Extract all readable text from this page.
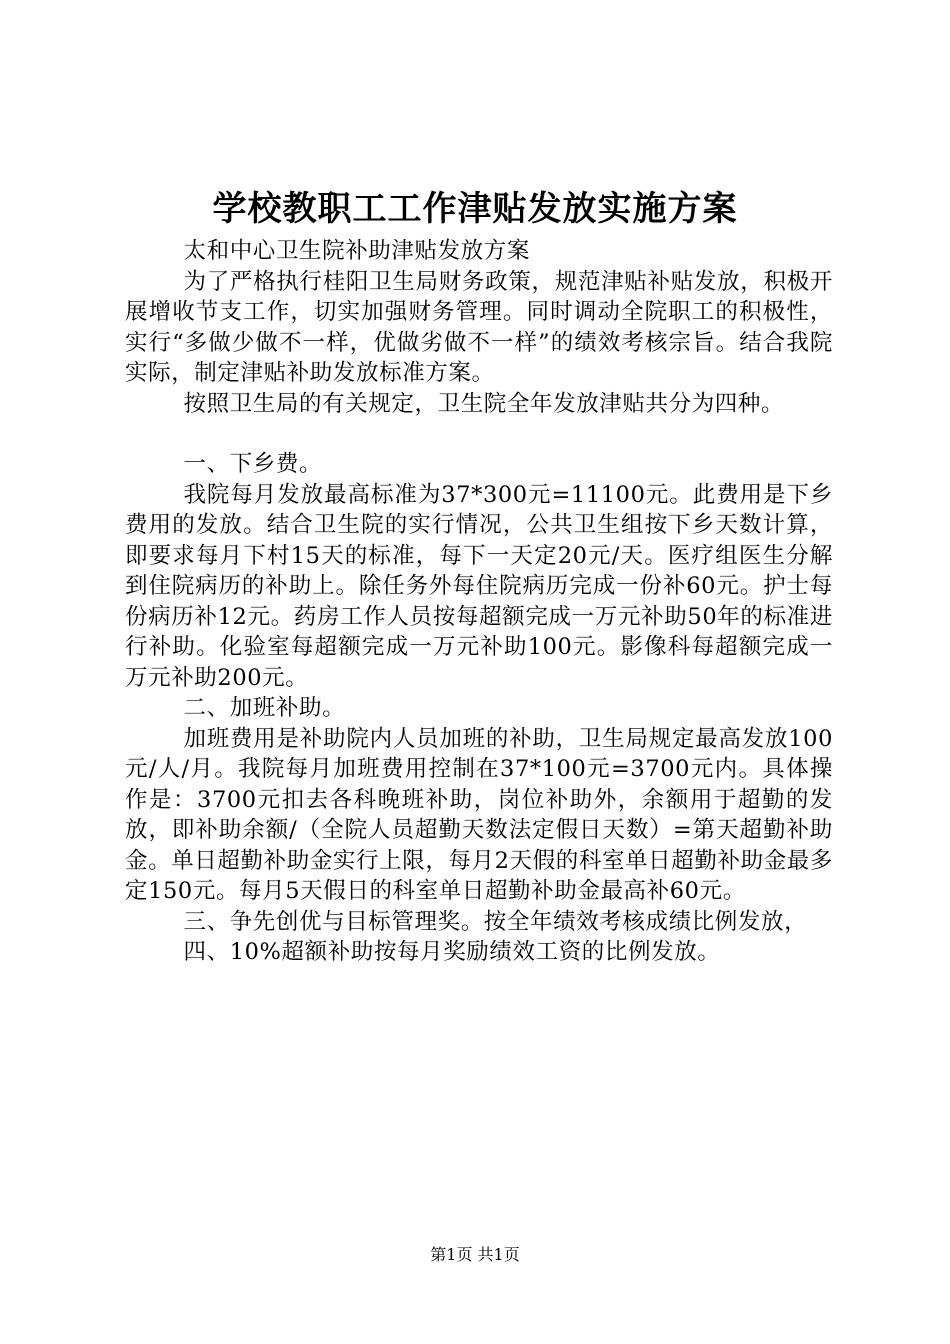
学校教职工工作津贴发放实施方案

太和中心卫生院补助津贴发放方案

为了严格执行桂阳卫生局财务政策，规范津贴补贴发放，积极开展增收节支工作，切实加强财务管理。同时调动全院职工的积极性，实行“多做少做不一样，优做劣做不一样”的绩效考核宗旨。结合我院实际，制定津贴补助发放标准方案。

按照卫生局的有关规定，卫生院全年发放津贴共分为四种。

一、下乡费。

我院每月发放最高标准为37*300元=11100元。此费用是下乡费用的发放。结合卫生院的实行情况，公共卫生组按下乡天数计算，即要求每月下村15天的标准，每下一天定20元/天。医疗组医生分解到住院病历的补助上。除任务外每住院病历完成一份补60元。护士每份病历补12元。药房工作人员按每超额完成一万元补助50年的标准进行补助。化验室每超额完成一万元补助100元。影像科每超额完成一万元补助200元。

二、加班补助。

加班费用是补助院内人员加班的补助，卫生局规定最高发放100元/人/月。我院每月加班费用控制在37*100元=3700元内。具体操作是：3700元扣去各科晚班补助，岗位补助外，余额用于超勤的发放，即补助余额/（全院人员超勤天数法定假日天数）=第天超勤补助金。单日超勤补助金实行上限，每月2天假的科室单日超勤补助金最多定150元。每月5天假日的科室单日超勤补助金最高补60元。

三、争先创优与目标管理奖。按全年绩效考核成绩比例发放，

四、10%超额补助按每月奖励绩效工资的比例发放。

第1页 共1页
